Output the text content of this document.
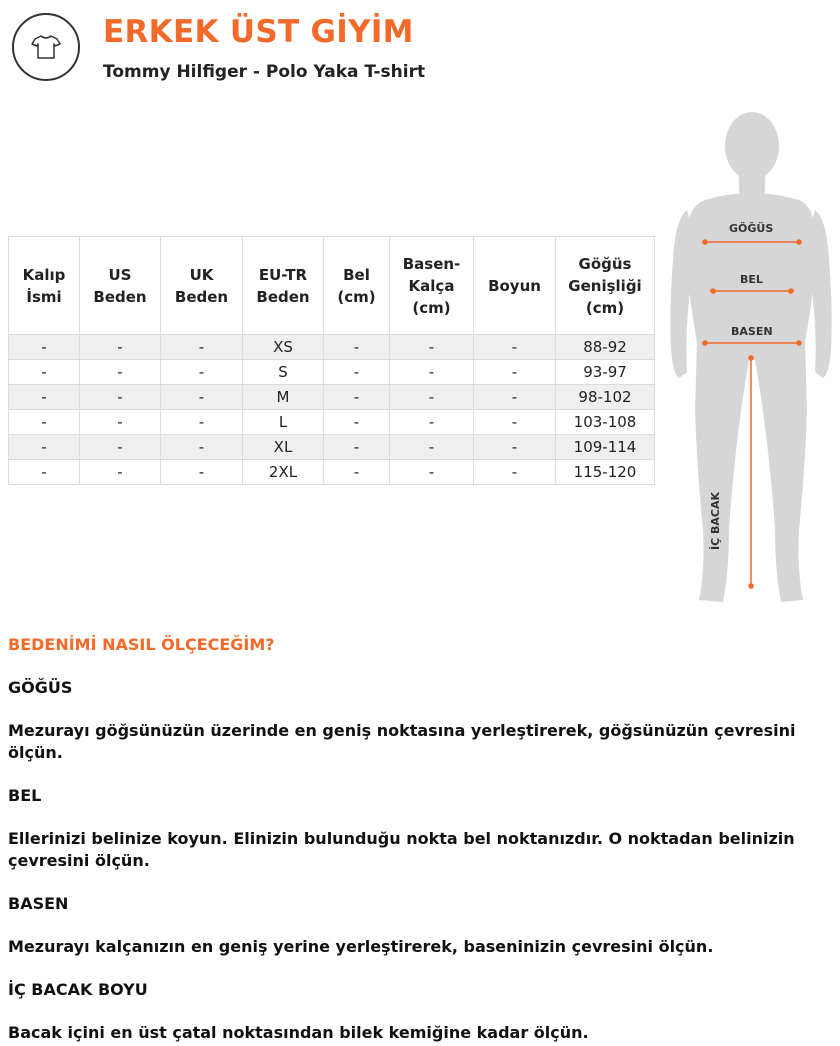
ERKEK ÜST GİYİM
Tommy Hilfiger - Polo Yaka T-shirt
Kalıp İsmi	US Beden	UK Beden	EU-TR Beden	Bel (cm)	Basen-Kalça (cm)	Boyun	Göğüs Genişliği (cm)
-	-	-	XS	-	-	-	88-92
-	-	-	S	-	-	-	93-97
-	-	-	M	-	-	-	98-102
-	-	-	L	-	-	-	103-108
-	-	-	XL	-	-	-	109-114
-	-	-	2XL	-	-	-	115-120
GÖĞÜS
BEL
BASEN
İÇ BACAK
BEDENİMİ NASIL ÖLÇECEĞİM?
GÖĞÜS

Mezurayı göğsünüzün üzerinde en geniş noktasına yerleştirerek, göğsünüzün çevresini ölçün.

BEL

Ellerinizi belinize koyun. Elinizin bulunduğu nokta bel noktanızdır. O noktadan belinizin çevresini ölçün.

BASEN

Mezurayı kalçanızın en geniş yerine yerleştirerek, baseninizin çevresini ölçün.

İÇ BACAK BOYU

Bacak içini en üst çatal noktasından bilek kemiğine kadar ölçün.
